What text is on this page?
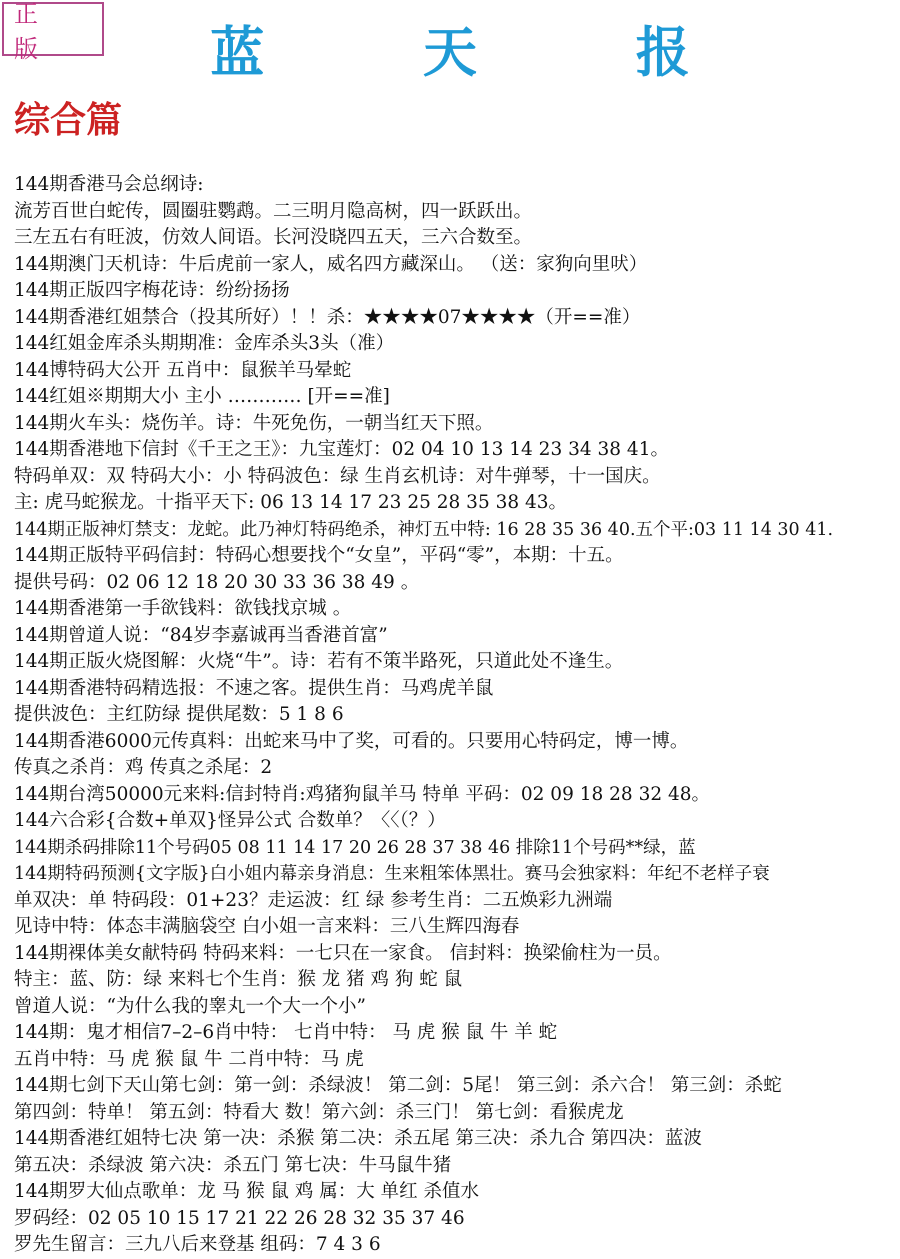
正 版	蓝 天 报
综合篇
144期香港马会总纲诗:
流芳百世白蛇传，圆圈驻鹦鹉。二三明月隐高树，四一跃跃出。
三左五右有旺波，仿效人间语。长河没晓四五天，三六合数至。
144期澳门天机诗：牛后虎前一家人，威名四方藏深山。 （送：家狗向里吠）
144期正版四字梅花诗：纷纷扬扬
144期香港红姐禁合（投其所好）！！杀：★★★★07★★★★（开==准）
144红姐金库杀头期期准：金库杀头3头（准）
144博特码大公开 五肖中：鼠猴羊马晕蛇
144红姐※期期大小 主小 ………… [开==准]
144期火车头：烧伤羊。诗：牛死免伤，一朝当红天下照。
144期香港地下信封《千王之王》：九宝莲灯：02 04 10 13 14 23 34 38 41。
特码单双：双 特码大小：小 特码波色：绿 生肖玄机诗：对牛弹琴，十一国庆。
主: 虎马蛇猴龙。十指平天下: 06 13 14 17 23 25 28 35 38 43。
144期正版神灯禁支：龙蛇。此乃神灯特码绝杀，神灯五中特: 16 28 35 36 40.五个平:03 11 14 30 41.
144期正版特平码信封：特码心想要找个“女皇”，平码“零”，本期：十五。
提供号码：02 06 12 18 20 30 33 36 38 49 。
144期香港第一手欲钱料：欲钱找京城 。
144期曾道人说：“84岁李嘉诚再当香港首富”
144期正版火烧图解：火烧“牛”。诗：若有不策半路死，只道此处不逢生。
144期香港特码精选报：不速之客。提供生肖：马鸡虎羊鼠
提供波色：主红防绿 提供尾数：5 1 8 6
144期香港6000元传真料：出蛇来马中了奖，可看的。只要用心特码定，博一博。
传真之杀肖：鸡 传真之杀尾：2
144期台湾50000元来料:信封特肖:鸡猪狗鼠羊马 特单 平码：02 09 18 28 32 48。
144六合彩{合数+单双}怪异公式 合数单？〈〈（？）
144期杀码排除11个号码05 08 11 14 17 20 26 28 37 38 46 排除11个号码**绿，蓝
144期特码预测{文字版}白小姐内幕亲身消息：生来粗笨体黑壮。赛马会独家料：年纪不老样子衰
单双决：单 特码段：01+23？走运波：红 绿 参考生肖：二五焕彩九洲端
见诗中特：体态丰满脑袋空 白小姐一言来料：三八生辉四海春
144期裸体美女献特码 特码来料：一七只在一家食。 信封料：换梁偷柱为一员。
特主：蓝、防：绿 来料七个生肖：猴 龙 猪 鸡 狗 蛇 鼠
曾道人说：“为什么我的睾丸一个大一个小”
144期：鬼才相信7–2–6肖中特： 七肖中特： 马 虎 猴 鼠 牛 羊 蛇
五肖中特：马 虎 猴 鼠 牛 二肖中特：马 虎
144期七剑下天山第七剑：第一剑：杀绿波！ 第二剑：5尾！ 第三剑：杀六合！ 第三剑：杀蛇
第四剑：特单！ 第五剑：特看大 数！第六剑：杀三门！ 第七剑：看猴虎龙
144期香港红姐特七决 第一决：杀猴 第二决：杀五尾 第三决：杀九合 第四决：蓝波
第五决：杀绿波 第六决：杀五门 第七决：牛马鼠牛猪
144期罗大仙点歌单：龙 马 猴 鼠 鸡 属：大 单红 杀值水
罗码经：02 05 10 15 17 21 22 26 28 32 35 37 46
罗先生留言：三九八后来登基 组码：7 4 3 6
